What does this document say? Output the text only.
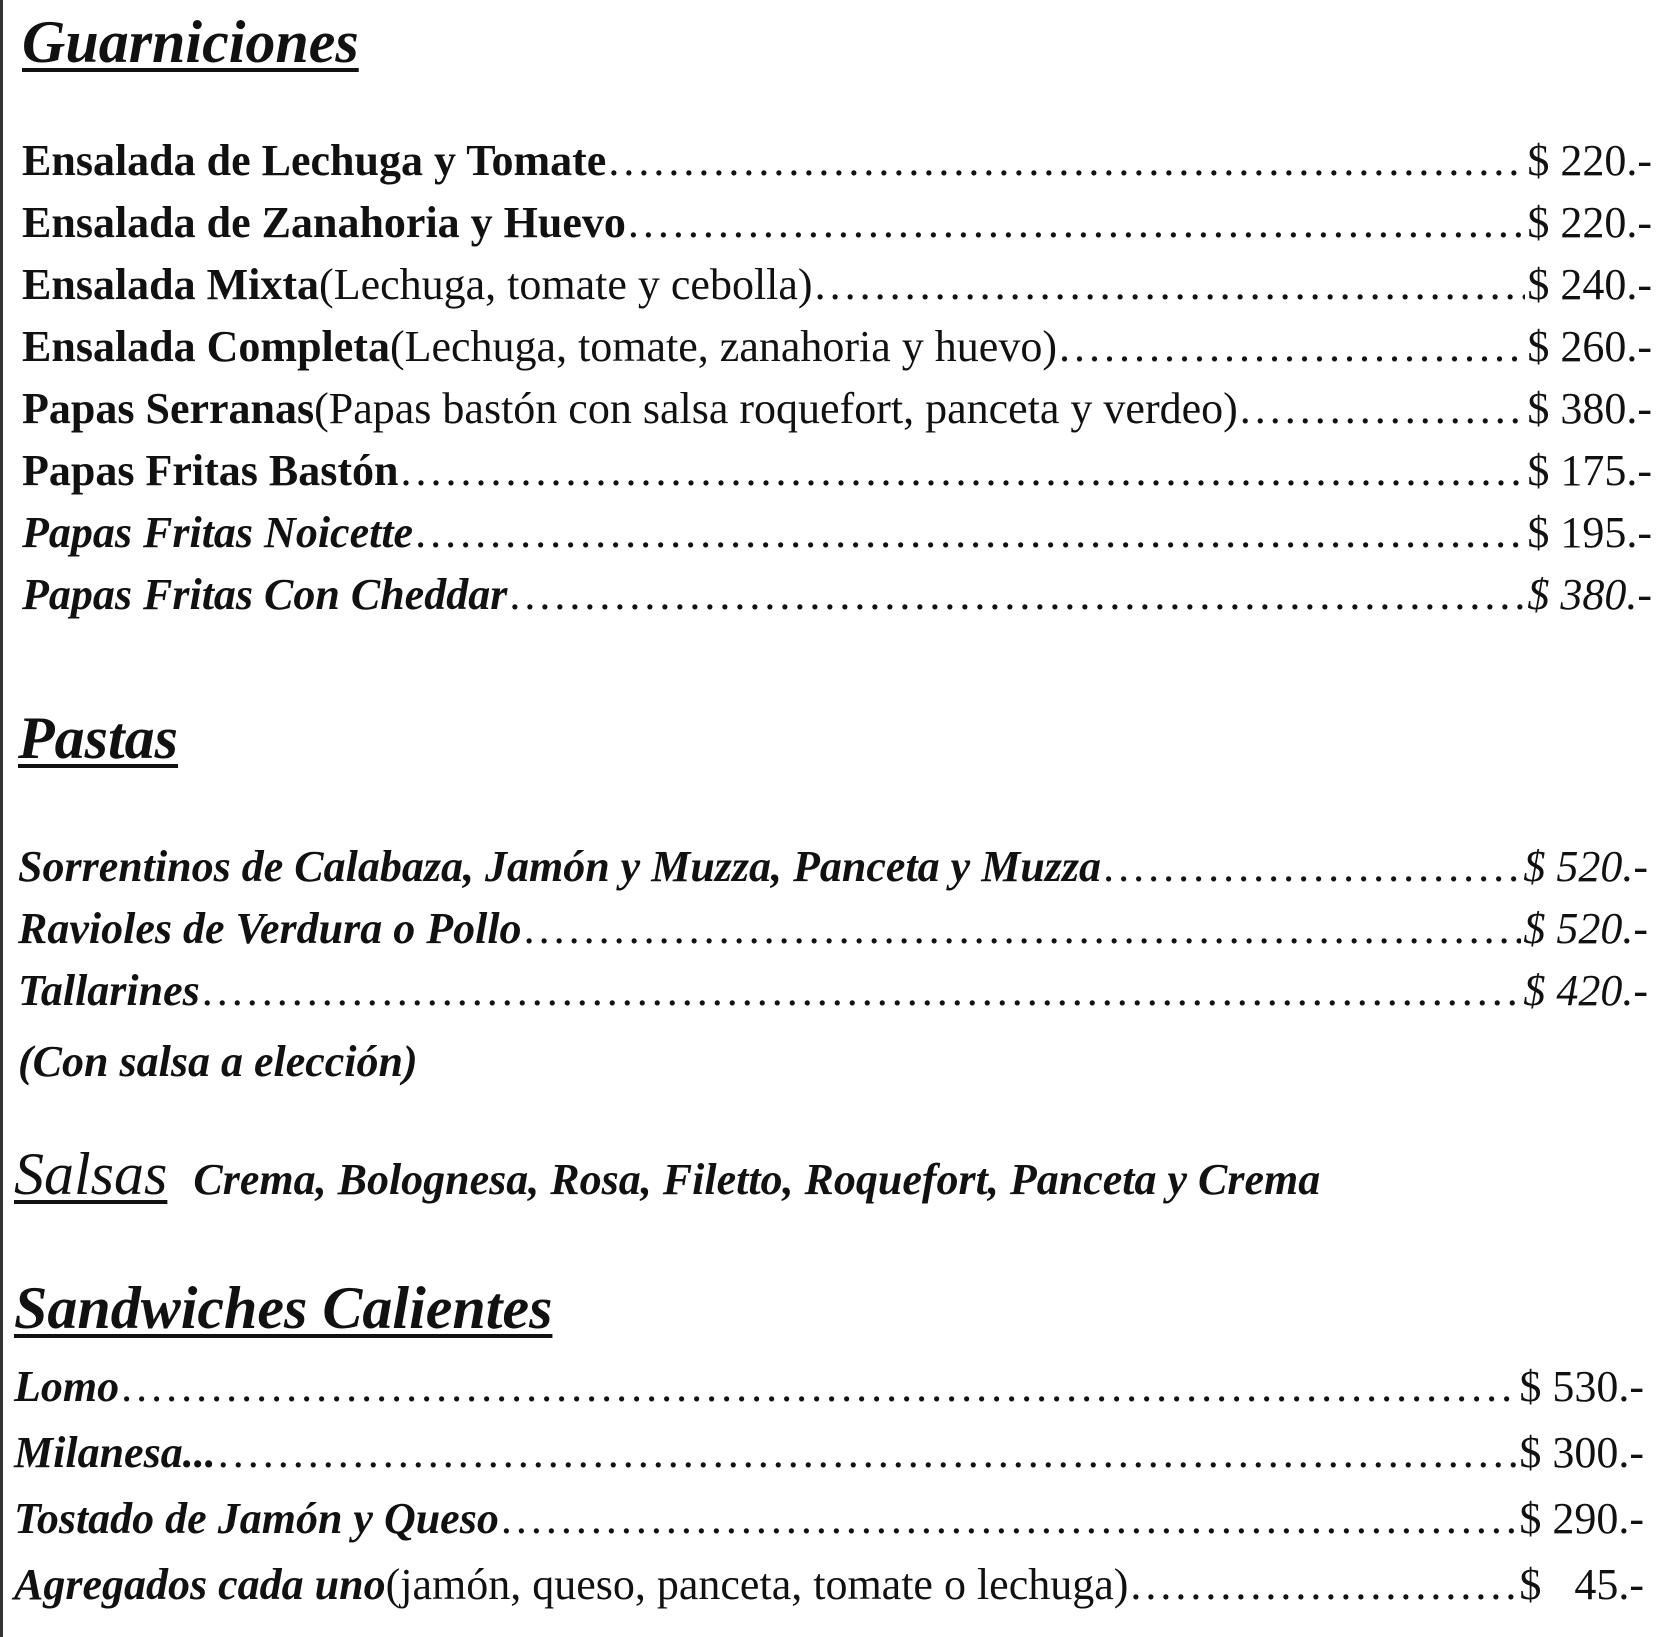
Guarniciones
Ensalada de Lechuga y Tomate .....	$ 220.-
Ensalada de Zanahoria y Huevo .....	$ 220.-
Ensalada Mixta (Lechuga, tomate y cebolla) .....	$ 240.-
Ensalada Completa (Lechuga, tomate, zanahoria y huevo) .....	$ 260.-
Papas Serranas (Papas bastón con salsa roquefort, panceta y verdeo) .....	$ 380.-
Papas Fritas Bastón .....	$ 175.-
Papas Fritas Noicette .....	$ 195.-
Papas Fritas Con Cheddar .....	$ 380.-
Pastas
Sorrentinos de Calabaza, Jamón y Muzza, Panceta y Muzza .....	$ 520.-
Ravioles de Verdura o Pollo .....	$ 520.-
Tallarines .....	$ 420.-
(Con salsa a elección)
Salsas Crema, Bolognesa, Rosa, Filetto, Roquefort, Panceta y Crema
Sandwiches Calientes
Lomo .....	$ 530.-
Milanesa... .....	$ 300.-
Tostado de Jamón y Queso .....	$ 290.-
Agregados cada uno (jamón, queso, panceta, tomate o lechuga) .....	$   45.-
